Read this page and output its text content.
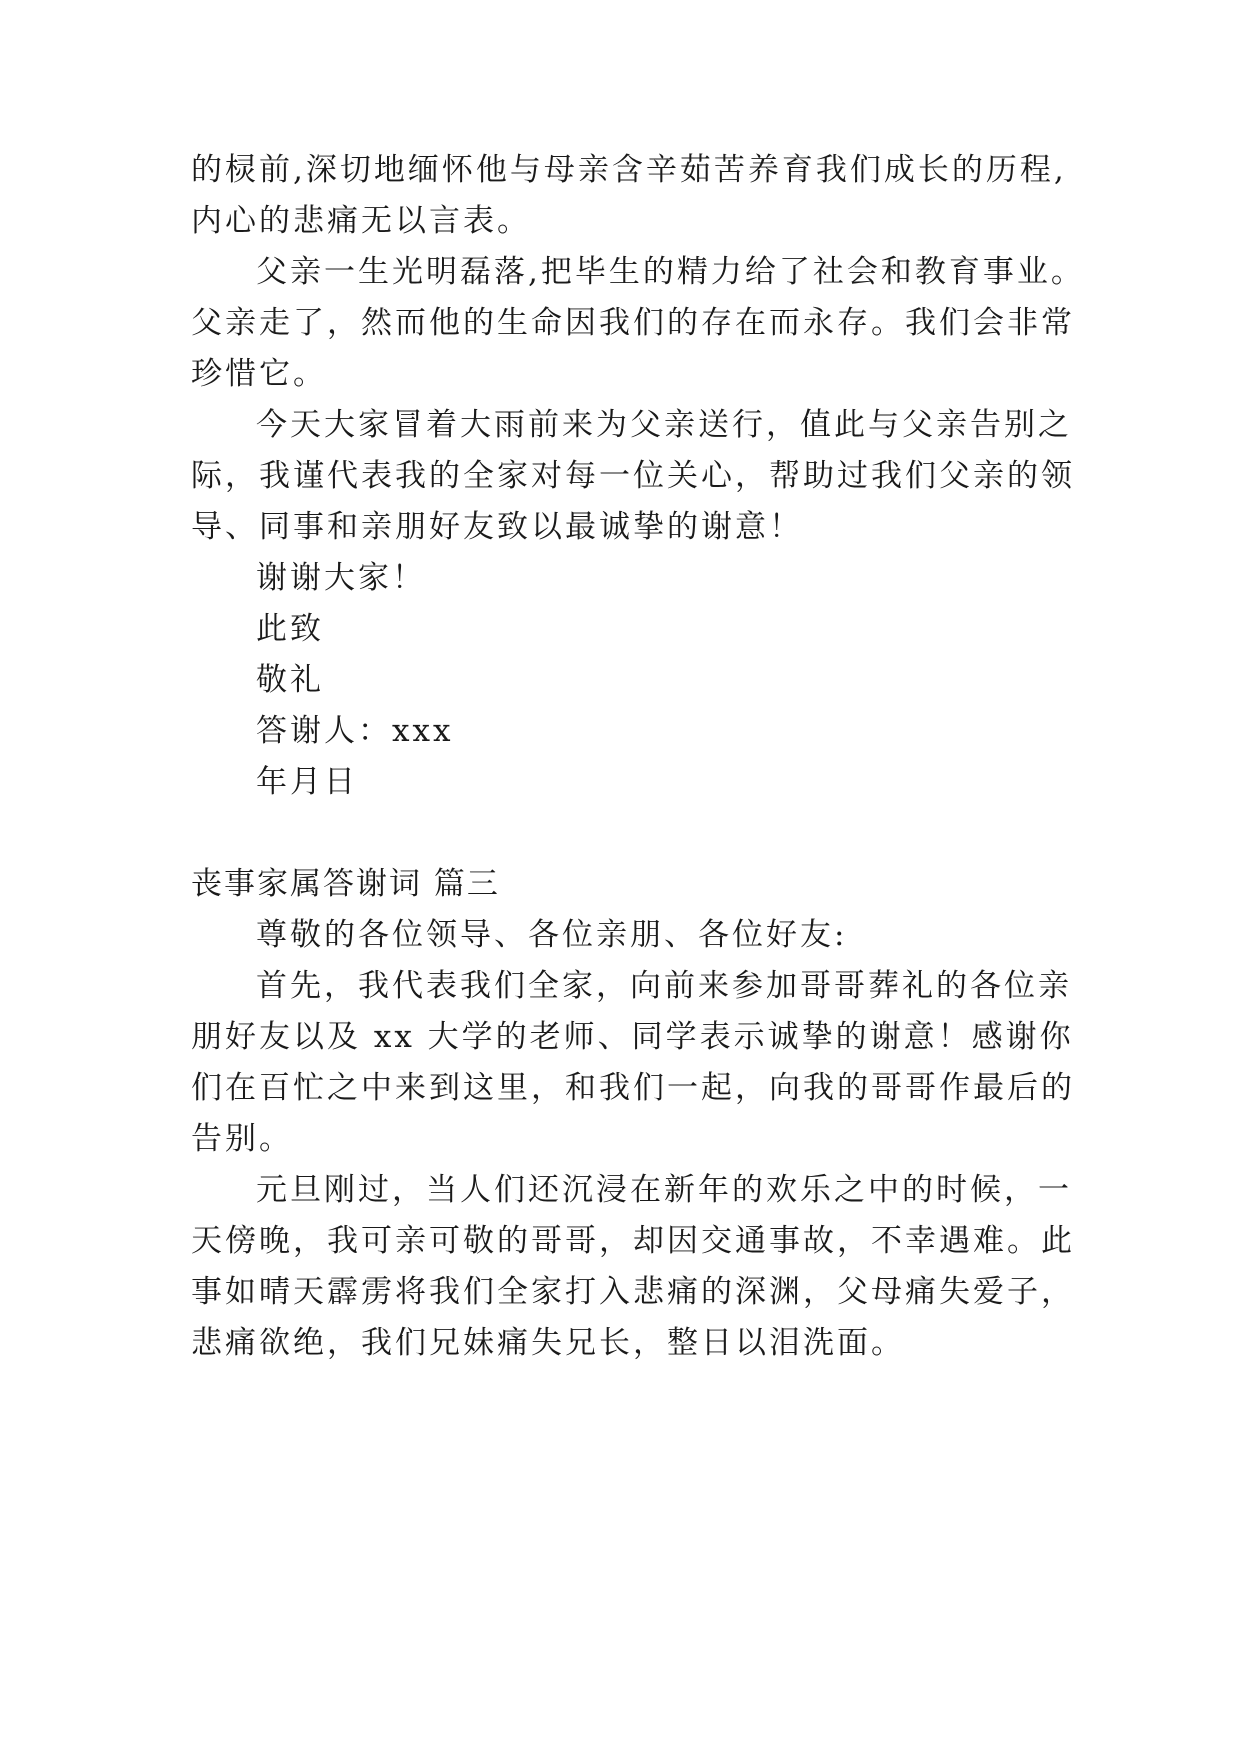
的棂前,深切地缅怀他与母亲含辛茹苦养育我们成长的历程,
内心的悲痛无以言表。
父亲一生光明磊落,把毕生的精力给了社会和教育事业。
父亲走了，然而他的生命因我们的存在而永存。我们会非常
珍惜它。
今天大家冒着大雨前来为父亲送行，值此与父亲告别之
际，我谨代表我的全家对每一位关心，帮助过我们父亲的领
导、同事和亲朋好友致以最诚挚的谢意！
谢谢大家！
此致
敬礼
答谢人：xxx
年月日
丧事家属答谢词 篇三
尊敬的各位领导、各位亲朋、各位好友:
首先，我代表我们全家，向前来参加哥哥葬礼的各位亲
朋好友以及 xx 大学的老师、同学表示诚挚的谢意！感谢你
们在百忙之中来到这里，和我们一起，向我的哥哥作最后的
告别。
元旦刚过，当人们还沉浸在新年的欢乐之中的时候，一
天傍晚，我可亲可敬的哥哥，却因交通事故，不幸遇难。此
事如晴天霹雳将我们全家打入悲痛的深渊，父母痛失爱子，
悲痛欲绝，我们兄妹痛失兄长，整日以泪洗面。
